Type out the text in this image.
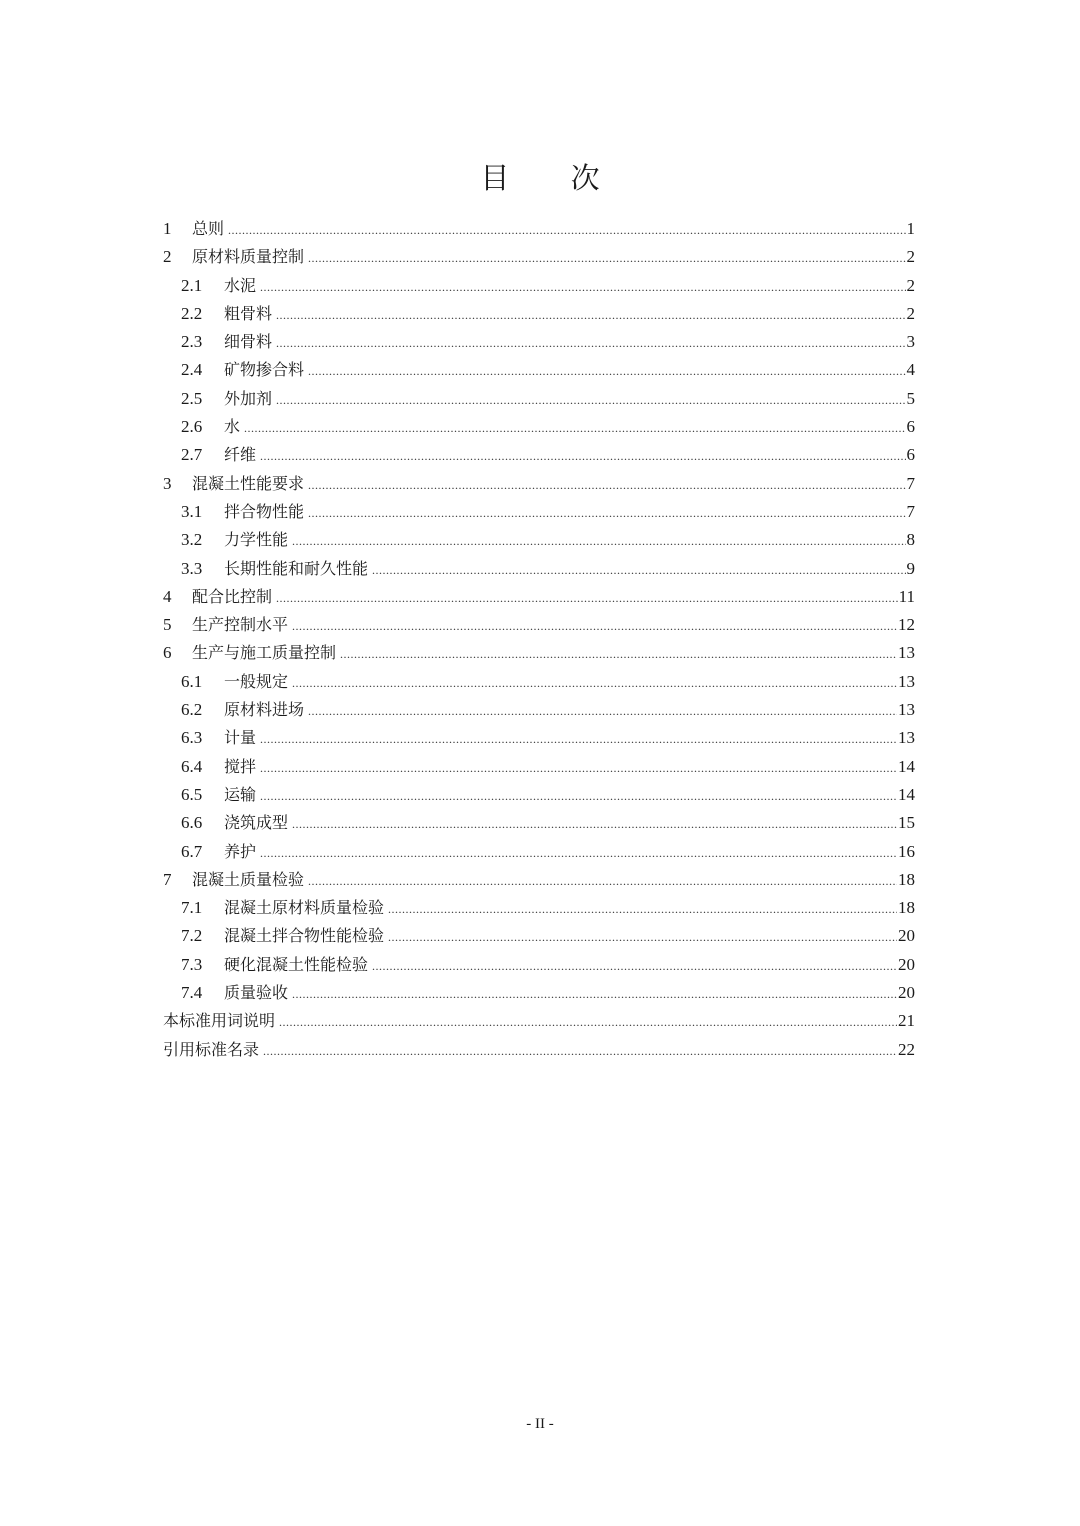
目 次
1	总则 .....	1
2	原材料质量控制 .....	2
2.1	水泥 .....	2
2.2	粗骨料 .....	2
2.3	细骨料 .....	3
2.4	矿物掺合料 .....	4
2.5	外加剂 .....	5
2.6	水 .....	6
2.7	纤维 .....	6
3	混凝土性能要求 .....	7
3.1	拌合物性能 .....	7
3.2	力学性能 .....	8
3.3	长期性能和耐久性能 .....	9
4	配合比控制 .....	11
5	生产控制水平 .....	12
6	生产与施工质量控制 .....	13
6.1	一般规定 .....	13
6.2	原材料进场 .....	13
6.3	计量 .....	13
6.4	搅拌 .....	14
6.5	运输 .....	14
6.6	浇筑成型 .....	15
6.7	养护 .....	16
7	混凝土质量检验 .....	18
7.1	混凝土原材料质量检验 .....	18
7.2	混凝土拌合物性能检验 .....	20
7.3	硬化混凝土性能检验 .....	20
7.4	质量验收 .....	20
本标准用词说明 .....	21
引用标准名录 .....	22
- II -
